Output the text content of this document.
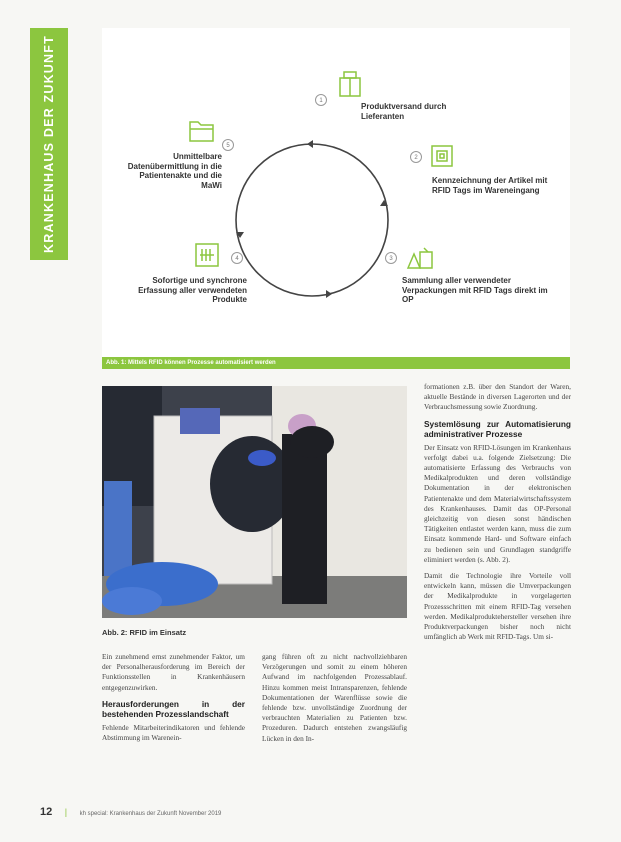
KRANKENHAUS DER ZUKUNFT	1
Produktversand durch Lieferanten
2
Kennzeichnung der Artikel mit RFID Tags im Wareneingang
3
Sammlung aller verwendeter Verpackungen mit RFID Tags direkt im OP
4
Sofortige und synchrone Erfassung aller verwendeten Produkte
5
Unmittelbare Datenübermittlung in die Patientenakte und die MaWi
Abb. 1: Mittels RFID können Prozesse automatisiert werden
Abb. 2: RFID im Einsatz

Ein zunehmend ernst zunehmender Faktor, um der Personalherausforderung im Bereich der Funktionsstellen in Krankenhäusern entgegenzuwirken.

Herausforderungen in der bestehenden Prozesslandschaft

Fehlende Mitarbeiterindikatoren und fehlende Abstimmung im Warenein-

gang führen oft zu nicht nachvollziehbaren Verzögerungen und somit zu einem höheren Aufwand im nachfolgenden Prozessablauf. Hinzu kommen meist Intransparenzen, fehlende Dokumentationen der Warenflüsse sowie die fehlende bzw. unvollständige Zuordnung der verbrauchten Materialien zu Patienten bzw. Prozeduren. Dadurch entstehen zwangsläufig Lücken in den In-

formationen z.B. über den Standort der Waren, aktuelle Bestände in diversen Lagerorten und der Verbrauchsmessung sowie Zuordnung.

Systemlösung zur Automatisierung administrativer Prozesse

Der Einsatz von RFID-Lösungen im Krankenhaus verfolgt dabei u.a. folgende Zielsetzung: Die automatisierte Erfassung des Verbrauchs von Medikalprodukten und deren vollständige Dokumentation in der elektronischen Patientenakte und dem Materialwirtschaftssystem des Krankenhauses. Damit das OP-Personal gleichzeitig von diesen sonst händischen Tätigkeiten entlastet werden kann, muss die zum Einsatz kommende Hard- und Software einfach zu bedienen sein und Grundlagen standgriffe eliminiert werden (s. Abb. 2).

Damit die Technologie ihre Vorteile voll entwickeln kann, müssen die Umverpackungen der Medikalprodukte in vorgelagerten Prozessschritten mit einem RFID-Tag versehen werden. Medikalproduktehersteller versehen ihre Produktverpackungen bisher noch nicht umfänglich ab Werk mit RFID-Tags. Um si-

12 | kh special: Krankenhaus der Zukunft November 2019
